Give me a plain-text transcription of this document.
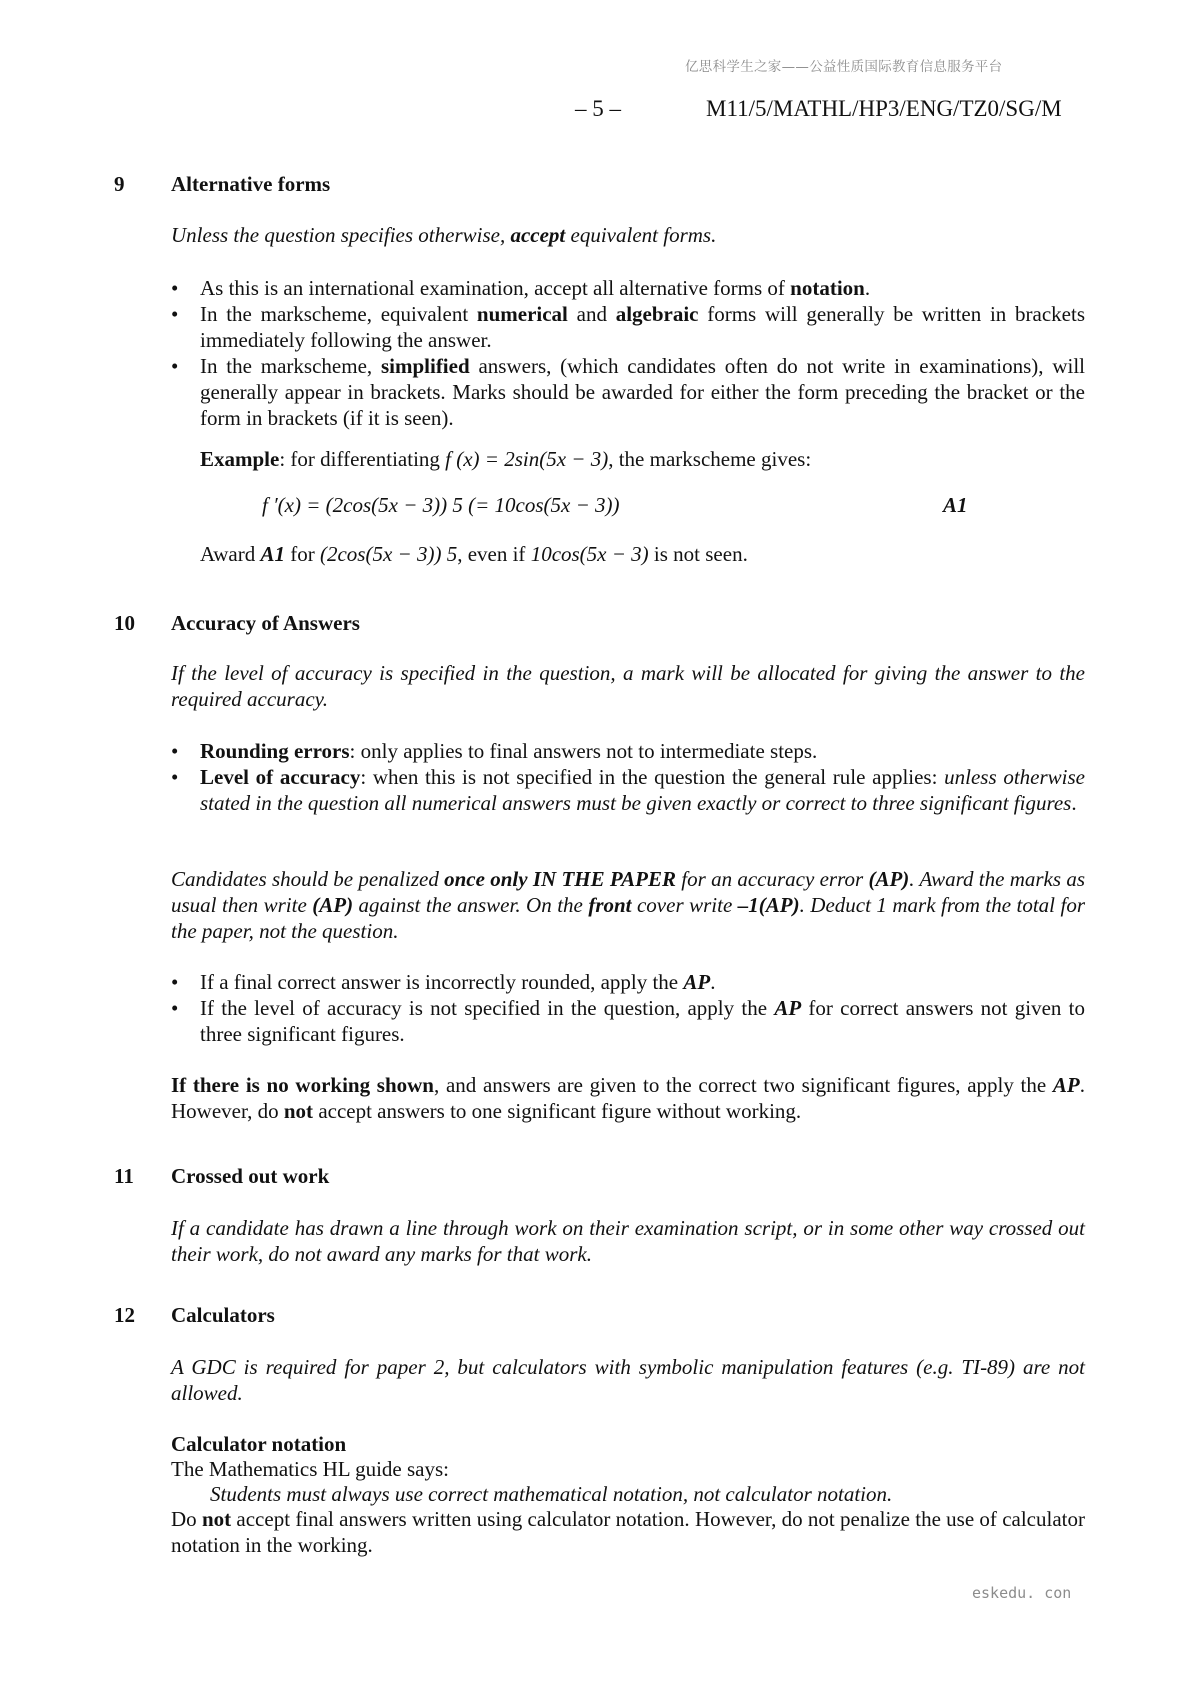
亿思科学生之家——公益性质国际教育信息服务平台
– 5 –	M11/5/MATHL/HP3/ENG/TZ0/SG/M
9 Alternative forms
Unless the question specifies otherwise, accept equivalent forms.
• As this is an international examination, accept all alternative forms of notation.
• In the markscheme, equivalent numerical and algebraic forms will generally be written in brackets immediately following the answer.
• In the markscheme, simplified answers, (which candidates often do not write in examinations), will generally appear in brackets. Marks should be awarded for either the form preceding the bracket or the form in brackets (if it is seen).
Example: for differentiating f (x) = 2sin(5x − 3), the markscheme gives:
f ′(x) = (2cos(5x − 3)) 5 (= 10cos(5x − 3))	A1
Award A1 for (2cos(5x − 3)) 5, even if 10cos(5x − 3) is not seen.
10 Accuracy of Answers
If the level of accuracy is specified in the question, a mark will be allocated for giving the answer to the required accuracy.
• Rounding errors: only applies to final answers not to intermediate steps.
• Level of accuracy: when this is not specified in the question the general rule applies: unless otherwise stated in the question all numerical answers must be given exactly or correct to three significant figures.
Candidates should be penalized once only IN THE PAPER for an accuracy error (AP). Award the marks as usual then write (AP) against the answer. On the front cover write –1(AP). Deduct 1 mark from the total for the paper, not the question.
• If a final correct answer is incorrectly rounded, apply the AP.
• If the level of accuracy is not specified in the question, apply the AP for correct answers not given to three significant figures.
If there is no working shown, and answers are given to the correct two significant figures, apply the AP. However, do not accept answers to one significant figure without working.
11 Crossed out work
If a candidate has drawn a line through work on their examination script, or in some other way crossed out their work, do not award any marks for that work.
12 Calculators
A GDC is required for paper 2, but calculators with symbolic manipulation features (e.g. TI-89) are not allowed.
Calculator notation
The Mathematics HL guide says:
Students must always use correct mathematical notation, not calculator notation.
Do not accept final answers written using calculator notation. However, do not penalize the use of calculator notation in the working.
eskedu. con
